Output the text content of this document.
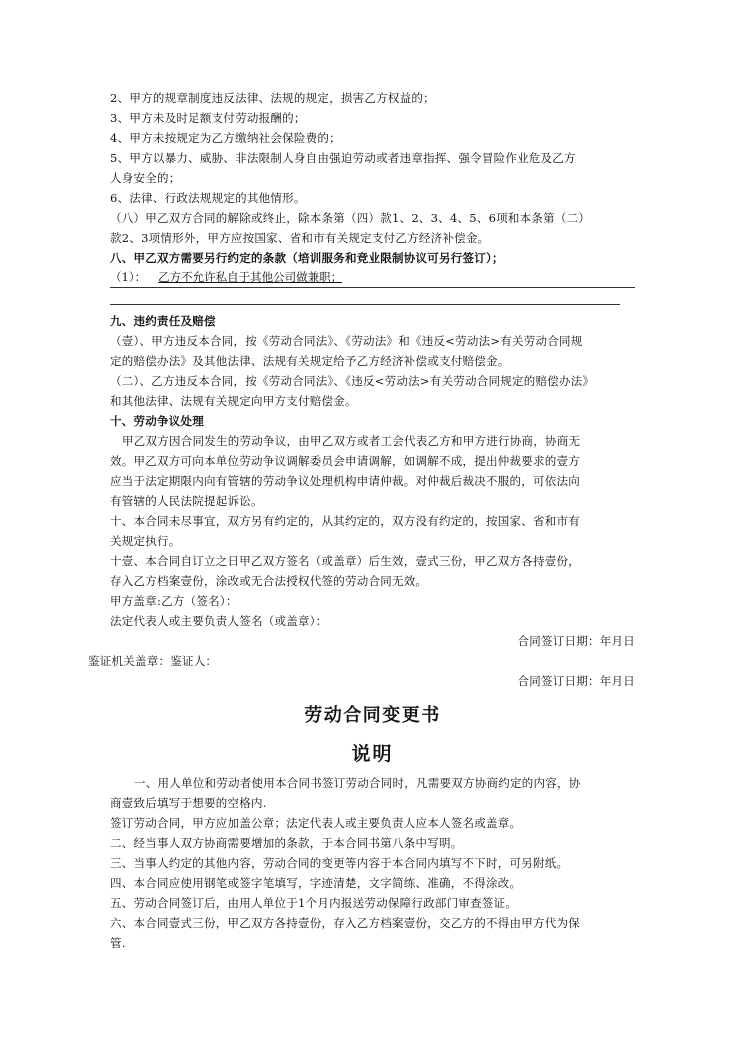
2、甲方的规章制度违反法律、法规的规定，损害乙方权益的；
3、甲方未及时足额支付劳动报酬的；
4、甲方未按规定为乙方缴纳社会保险费的；
5、甲方以暴力、威胁、非法限制人身自由强迫劳动或者违章指挥、强令冒险作业危及乙方
人身安全的；
6、法律、行政法规规定的其他情形。
（八）甲乙双方合同的解除或终止，除本条第（四）款1、2、3、4、5、6项和本条第（二）
款2、3项情形外，甲方应按国家、省和市有关规定支付乙方经济补偿金。
八、甲乙双方需要另行约定的条款（培训服务和竞业限制协议可另行签订）；
（1）： 乙方不允许私自于其他公司做兼职；
九、违约责任及赔偿
（壹）、甲方违反本合同，按《劳动合同法》、《劳动法》和《违反<劳动法>有关劳动合同规
定的赔偿办法》及其他法律、法规有关规定给予乙方经济补偿或支付赔偿金。
（二）、乙方违反本合同，按《劳动合同法》、《违反<劳动法>有关劳动合同规定的赔偿办法》
和其他法律、法规有关规定向甲方支付赔偿金。
十、劳动争议处理
甲乙双方因合同发生的劳动争议，由甲乙双方或者工会代表乙方和甲方进行协商，协商无
效。甲乙双方可向本单位劳动争议调解委员会申请调解，如调解不成，提出仲裁要求的壹方
应当于法定期限内向有管辖的劳动争议处理机构申请仲裁。对仲裁后裁决不服的，可依法向
有管辖的人民法院提起诉讼。
十、本合同未尽事宜，双方另有约定的，从其约定的，双方没有约定的，按国家、省和市有
关规定执行。
十壹、本合同自订立之日甲乙双方签名（或盖章）后生效，壹式三份，甲乙双方各持壹份，
存入乙方档案壹份，涂改或无合法授权代签的劳动合同无效。
甲方盖章:乙方（签名）：
法定代表人或主要负责人签名（或盖章）：
合同签订日期：年月日
鉴证机关盖章：鉴证人：
合同签订日期：年月日
劳动合同变更书
说明
一、用人单位和劳动者使用本合同书签订劳动合同时，凡需要双方协商约定的内容，协
商壹致后填写于想要的空格内.
签订劳动合同，甲方应加盖公章；法定代表人或主要负责人应本人签名或盖章。
二、经当事人双方协商需要增加的条款，于本合同书第八条中写明。
三、当事人约定的其他内容，劳动合同的变更等内容于本合同内填写不下时，可另附纸。
四、本合同应使用钢笔或签字笔填写，字迹清楚，文字简练、准确，不得涂改。
五、劳动合同签订后，由用人单位于1个月内报送劳动保障行政部门审查签证。
六、本合同壹式三份，甲乙双方各持壹份，存入乙方档案壹份，交乙方的不得由甲方代为保
管.
